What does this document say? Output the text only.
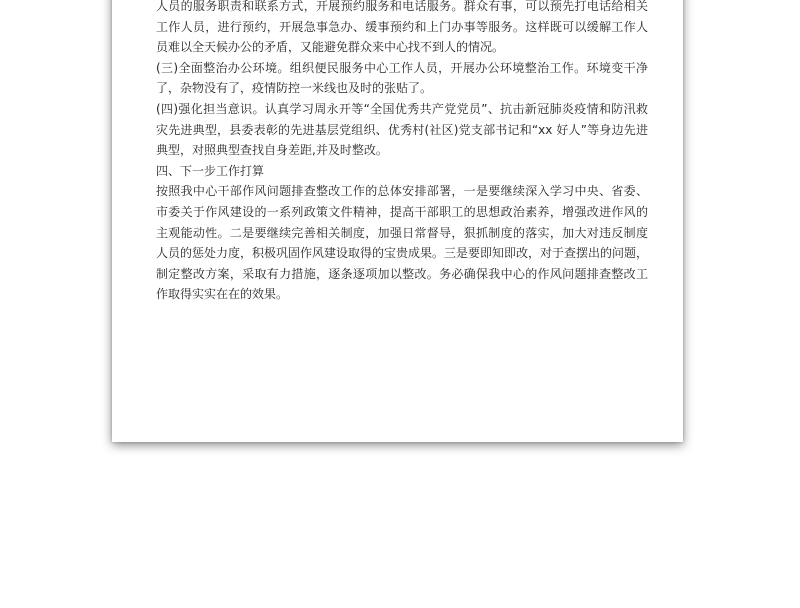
人员的服务职责和联系方式，开展预约服务和电话服务。群众有事，可以预先打电话给相关
工作人员，进行预约，开展急事急办、缓事预约和上门办事等服务。这样既可以缓解工作人
员难以全天候办公的矛盾，又能避免群众来中心找不到人的情况。
(三)全面整治办公环境。组织便民服务中心工作人员，开展办公环境整治工作。环境变干净
了，杂物没有了，疫情防控一米线也及时的张贴了。
(四)强化担当意识。认真学习周永开等“全国优秀共产党党员”、抗击新冠肺炎疫情和防汛救
灾先进典型，县委表彰的先进基层党组织、优秀村(社区)党支部书记和“xx 好人”等身边先进
典型，对照典型查找自身差距,并及时整改。
四、下一步工作打算
按照我中心干部作风问题排查整改工作的总体安排部署，一是要继续深入学习中央、省委、
市委关于作风建设的一系列政策文件精神，提高干部职工的思想政治素养，增强改进作风的
主观能动性。二是要继续完善相关制度，加强日常督导，狠抓制度的落实，加大对违反制度
人员的惩处力度，积极巩固作风建设取得的宝贵成果。三是要即知即改，对于查摆出的问题，
制定整改方案，采取有力措施，逐条逐项加以整改。务必确保我中心的作风问题排查整改工
作取得实实在在的效果。
